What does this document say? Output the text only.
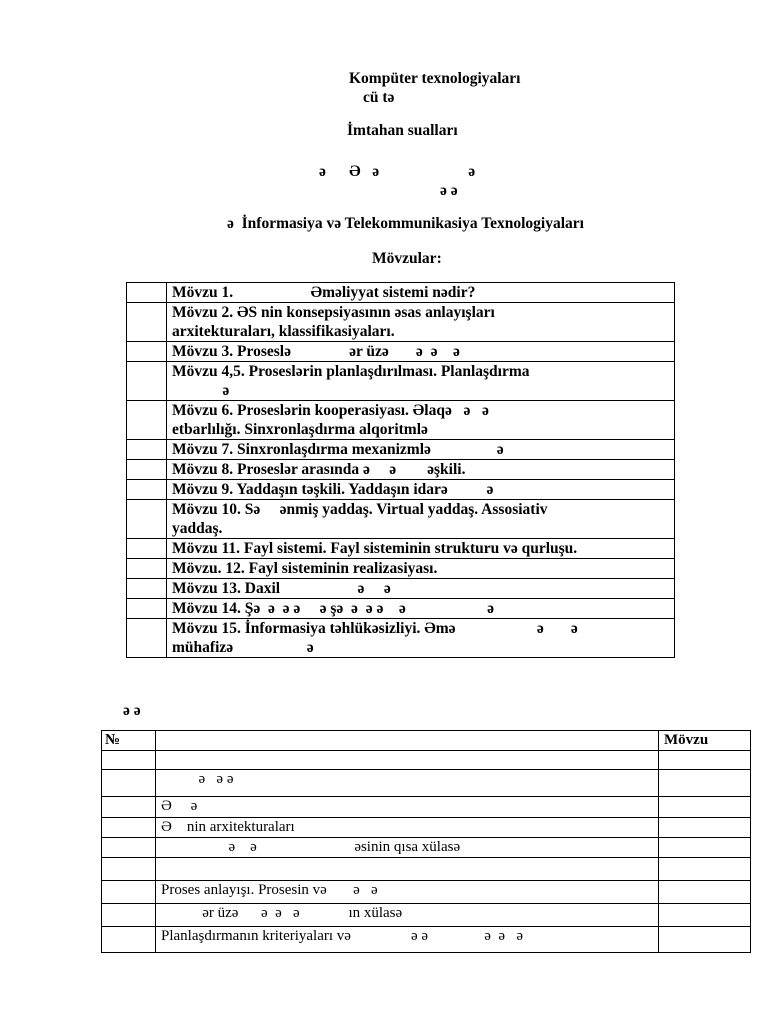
Kompüter texnologiyaları
cü tə
İmtahan sualları
ə      Ə   ə                       ə
ə ə
ə  İnformasiya və Telekommunikasiya Texnologiyaları
Mövzular:
	Mövzu 1.                    Əməliyyat sistemi nədir?
	Mövzu 2. ƏS nin konsepsiyasının əsas anlayışları
arxitekturaları, klassifikasiyaları.
	Mövzu 3. Proseslə               ər üzə       ə  ə    ə
	Mövzu 4,5. Proseslərin planlaşdırılması. Planlaşdırma
ə
	Mövzu 6. Proseslərin kooperasiyası. Əlaqə   ə   ə
etbarlılığı. Sinxronlaşdırma alqoritmlə
	Mövzu 7. Sinxronlaşdırma mexanizmlə                 ə
	Mövzu 8. Proseslər arasında ə     ə        əşkili.
	Mövzu 9. Yaddaşın təşkili. Yaddaşın idarə          ə
	Mövzu 10. Sə     ənmiş yaddaş. Virtual yaddaş. Assosiativ
yaddaş.
	Mövzu 11. Fayl sistemi. Fayl sisteminin strukturu və qurluşu.
	Mövzu. 12. Fayl sisteminin realizasiyası.
	Mövzu 13. Daxil                    ə     ə
	Mövzu 14. Şə  ə  ə ə     ə şə  ə  ə ə    ə                     ə
	Mövzu 15. İnformasiya təhlükəsizliyi. Əmə                     ə       ə
mühafizə                   ə
ə ə
№		Mövzu

	ə   ə ə	
	Ə     ə	
	Ə    nin arxitekturaları	
	ə    ə                          əsinin qısa xülasə	

	Proses anlayışı. Prosesin və       ə   ə	
	ər üzə      ə  ə   ə             ın xülasə	
	Planlaşdırmanın kriteriyaları və                ə ə               ə  ə   ə	
